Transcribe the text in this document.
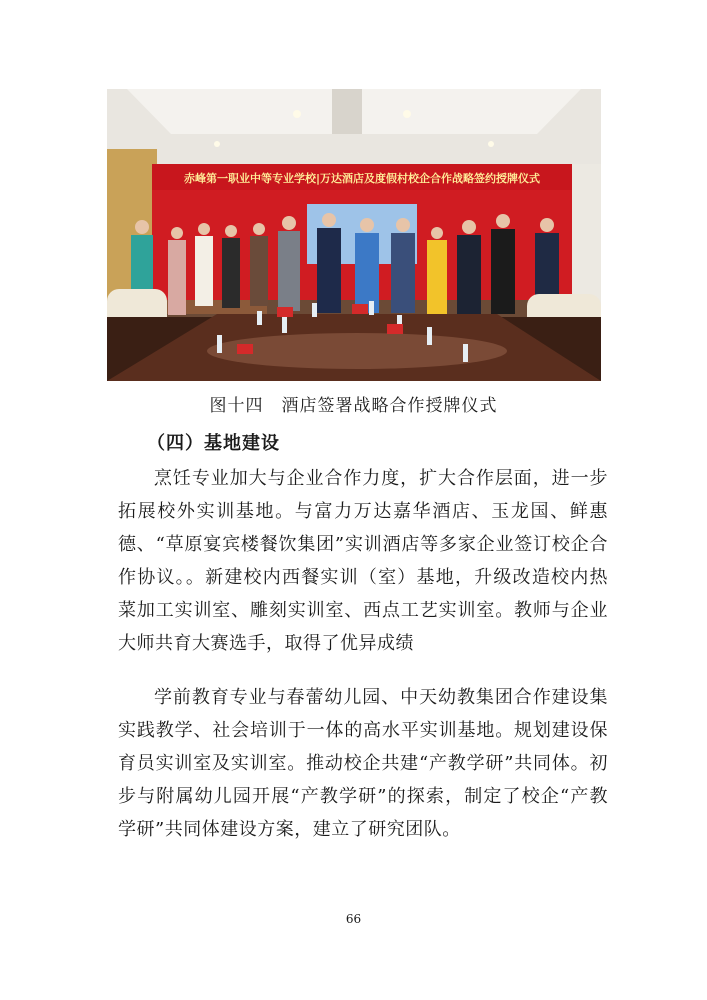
赤峰第一职业中等专业学校|万达酒店及度假村校企合作战略签约授牌仪式
图十四　酒店签署战略合作授牌仪式
（四）基地建设

烹饪专业加大与企业合作力度，扩大合作层面，进一步拓展校外实训基地。与富力万达嘉华酒店、玉龙国、鲜惠德、“草原宴宾楼餐饮集团”实训酒店等多家企业签订校企合作协议。。新建校内西餐实训（室）基地，升级改造校内热菜加工实训室、雕刻实训室、西点工艺实训室。教师与企业大师共育大赛选手，取得了优异成绩

学前教育专业与春蕾幼儿园、中天幼教集团合作建设集实践教学、社会培训于一体的高水平实训基地。规划建设保育员实训室及实训室。推动校企共建“产教学研”共同体。初步与附属幼儿园开展“产教学研”的探索，制定了校企“产教学研”共同体建设方案，建立了研究团队。

66
